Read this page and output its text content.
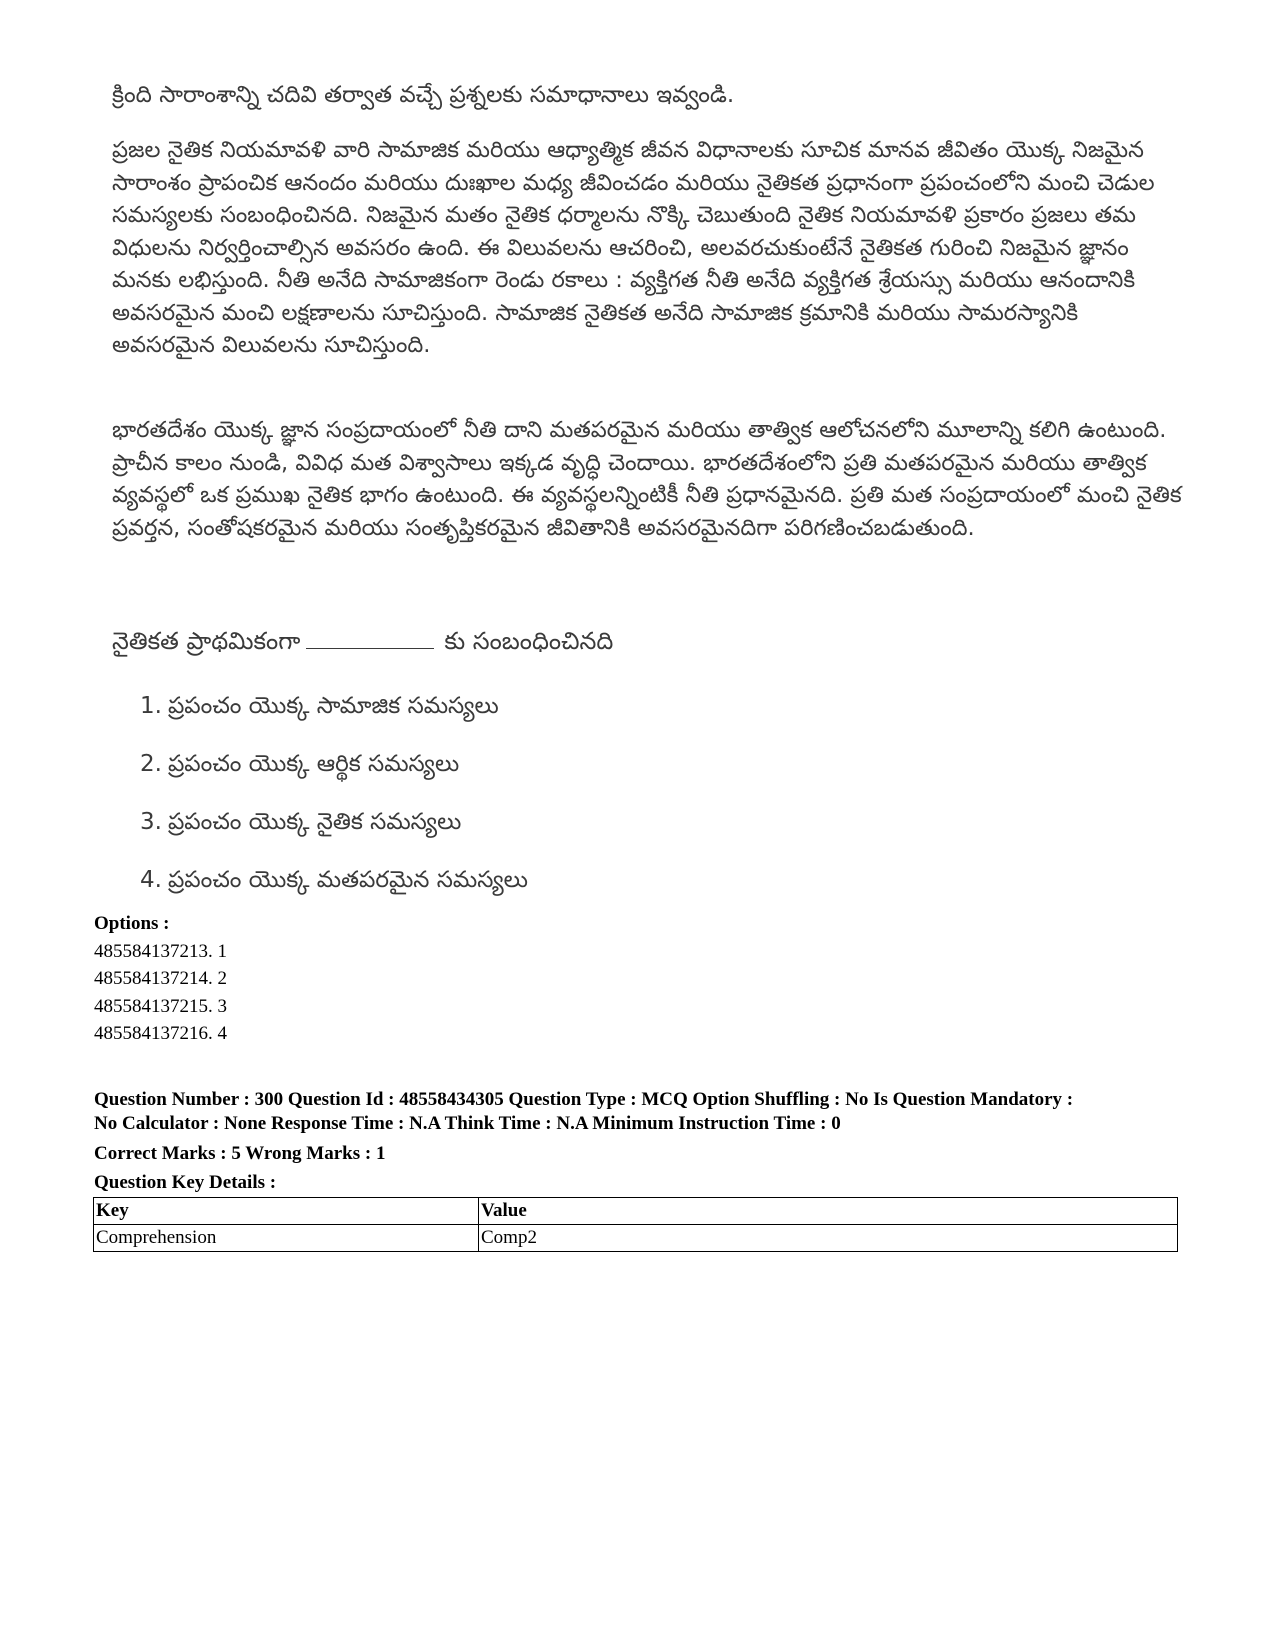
క్రింది సారాంశాన్ని చదివి తర్వాత వచ్చే ప్రశ్నలకు సమాధానాలు ఇవ్వండి.

ప్రజల నైతిక నియమావళి వారి సామాజిక మరియు ఆధ్యాత్మిక జీవన విధానాలకు సూచిక మానవ జీవితం యొక్క నిజమైన సారాంశం ప్రాపంచిక ఆనందం మరియు దుఃఖాల మధ్య జీవించడం మరియు నైతికత ప్రధానంగా ప్రపంచంలోని మంచి చెడుల సమస్యలకు సంబంధించినది. నిజమైన మతం నైతిక ధర్మాలను నొక్కి చెబుతుంది నైతిక నియమావళి ప్రకారం ప్రజలు తమ విధులను నిర్వర్తించాల్సిన అవసరం ఉంది. ఈ విలువలను ఆచరించి, అలవరచుకుంటేనే నైతికత గురించి నిజమైన జ్ఞానం మనకు లభిస్తుంది. నీతి అనేది సామాజికంగా రెండు రకాలు : వ్యక్తిగత నీతి అనేది వ్యక్తిగత శ్రేయస్సు మరియు ఆనందానికి అవసరమైన మంచి లక్షణాలను సూచిస్తుంది. సామాజిక నైతికత అనేది సామాజిక క్రమానికి మరియు సామరస్యానికి అవసరమైన విలువలను సూచిస్తుంది.

భారతదేశం యొక్క జ్ఞాన సంప్రదాయంలో నీతి దాని మతపరమైన మరియు తాత్విక ఆలోచనలోని మూలాన్ని కలిగి ఉంటుంది. ప్రాచీన కాలం నుండి, వివిధ మత విశ్వాసాలు ఇక్కడ వృద్ధి చెందాయి. భారతదేశంలోని ప్రతి మతపరమైన మరియు తాత్విక వ్యవస్థలో ఒక ప్రముఖ నైతిక భాగం ఉంటుంది. ఈ వ్యవస్థలన్నింటికీ నీతి ప్రధానమైనది. ప్రతి మత సంప్రదాయంలో మంచి నైతిక ప్రవర్తన, సంతోషకరమైన మరియు సంతృప్తికరమైన జీవితానికి అవసరమైనదిగా పరిగణించబడుతుంది.

నైతికత ప్రాథమికంగా	కు సంబంధించినది

1. ప్రపంచం యొక్క సామాజిక సమస్యలు
2. ప్రపంచం యొక్క ఆర్థిక సమస్యలు
3. ప్రపంచం యొక్క నైతిక సమస్యలు
4. ప్రపంచం యొక్క మతపరమైన సమస్యలు

Options :

485584137213. 1
485584137214. 2
485584137215. 3
485584137216. 4

Question Number : 300 Question Id : 48558434305 Question Type : MCQ Option Shuffling : No Is Question Mandatory :

No Calculator : None Response Time : N.A Think Time : N.A Minimum Instruction Time : 0

Correct Marks : 5 Wrong Marks : 1

Question Key Details :

Key	Value
Comprehension	Comp2
